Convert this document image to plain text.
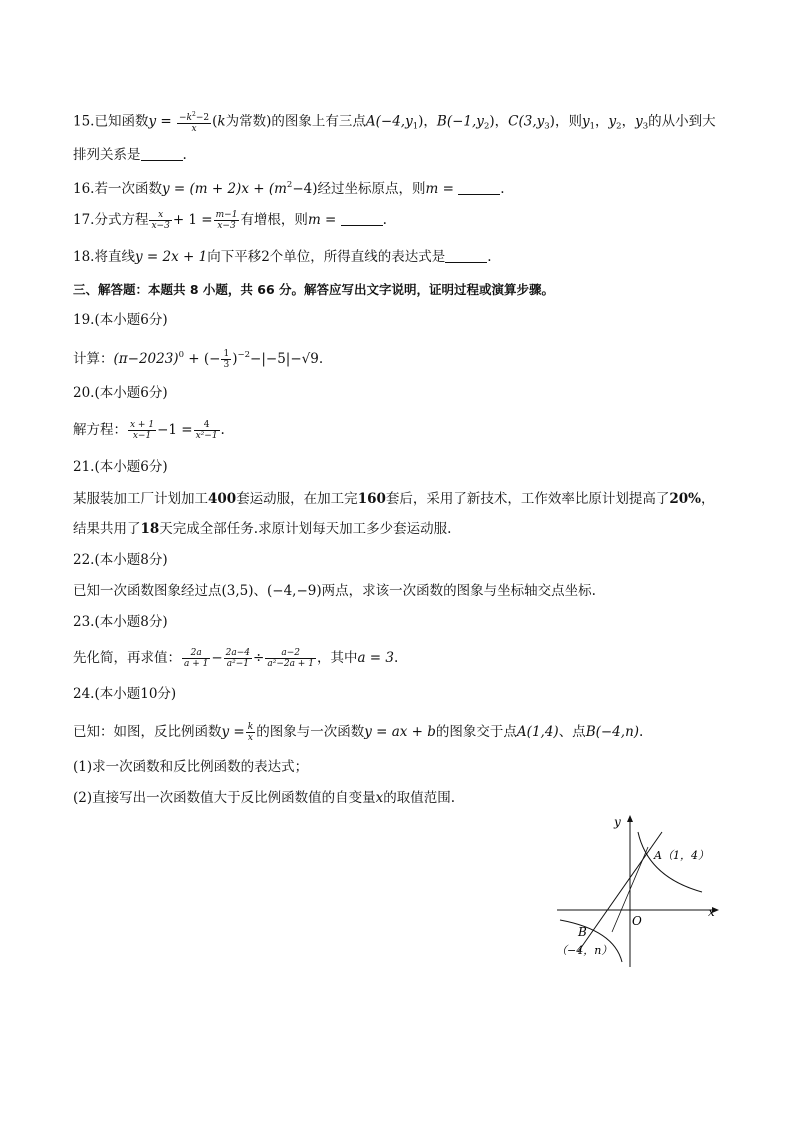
15.已知函数$y = \frac{-k^2-2}{x} (k$为常数)的图象上有三点$A(-4,y_1)$，$B(-1,y_2)$，$C(3,y_3)$，则$y_1$，$y_2$，$y_3$的从小到大
排列关系是	.
16.若一次函数$y = (m + 2)x + (m^2-4)$经过坐标原点，则m =	.
17.分式方程 $\frac{x}{x-3} + 1 = \frac{m-1}{x-3}$ 有增根，则m =	.
18.将直线y = 2x + 1向下平移2个单位，所得直线的表达式是	.
三、解答题：本题共 8 小题，共 66 分。解答应写出文字说明，证明过程或演算步骤。
19.(本小题6分)
计算：$(\pi-2023)^0$ + (− $\frac{1}{3} )^{-2}-|-5|-√9$.
20.(本小题6分)
解方程： $\frac{x + 1}{x-1} -1 = \frac{4}{\text{x²−1}}$ .
21.(本小题6分)
某服装加工厂计划加工400套运动服，在加工完160套后，采用了新技术，工作效率比原计划提高了20%，
结果共用了18天完成全部任务.求原计划每天加工多少套运动服.
22.(本小题8分)
已知一次函数图象经过点(3,5)、(−4,−9)两点，求该一次函数的图象与坐标轴交点坐标.
23.(本小题8分)
先化简，再求值： $\frac{2a}{a + 1} - \frac{2a-4}{\text{a²−1}} \div \frac{a-2}{\text{a²−2a + 1}}$ ，其中a = 3.
24.(本小题10分)
已知：如图，反比例函数$y = \frac{k}{x}$ 的图象与一次函数y = ax + b的图象交于点A(1,4)、点B(−4,n).
(1)求一次函数和反比例函数的表达式；
(2)直接写出一次函数值大于反比例函数值的自变量x的取值范围.
y
x
O
A（1，4）
B
（−4，n）
